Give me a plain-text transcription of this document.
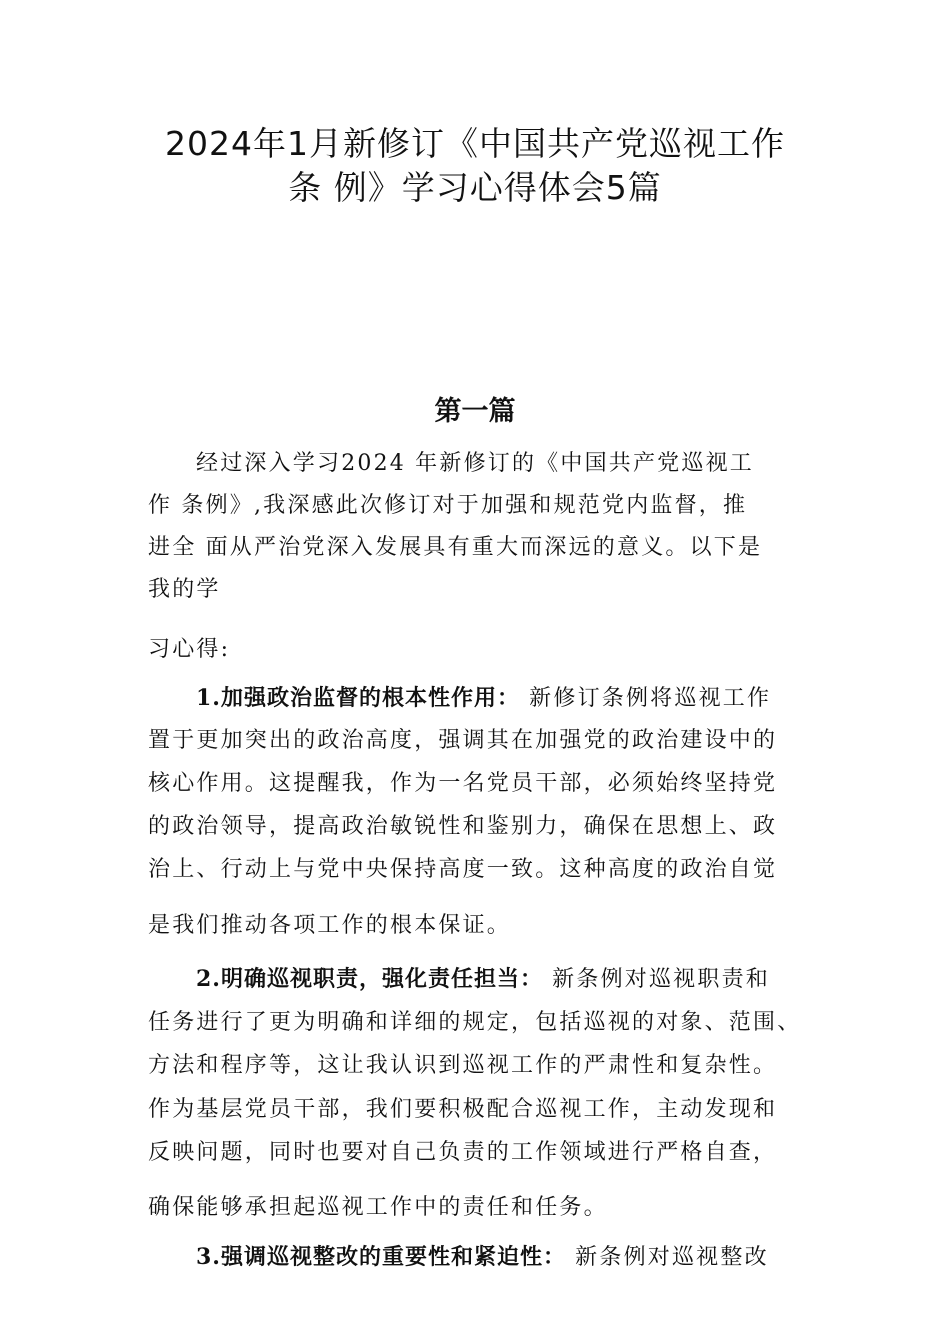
2024年1月新修订《中国共产党巡视工作
条 例》学习心得体会5篇
第一篇
经过深入学习2024 年新修订的《中国共产党巡视工
作 条例》,我深感此次修订对于加强和规范党内监督，推
进全 面从严治党深入发展具有重大而深远的意义。以下是
我的学
习心得:
1.加强政治监督的根本性作用： 新修订条例将巡视工作
置于更加突出的政治高度，强调其在加强党的政治建设中的
核心作用。这提醒我，作为一名党员干部，必须始终坚持党
的政治领导，提高政治敏锐性和鉴别力，确保在思想上、政
治上、行动上与党中央保持高度一致。这种高度的政治自觉
是我们推动各项工作的根本保证。
2.明确巡视职责，强化责任担当： 新条例对巡视职责和
任务进行了更为明确和详细的规定，包括巡视的对象、范围、
方法和程序等，这让我认识到巡视工作的严肃性和复杂性。
作为基层党员干部，我们要积极配合巡视工作，主动发现和
反映问题，同时也要对自己负责的工作领域进行严格自查，
确保能够承担起巡视工作中的责任和任务。
3.强调巡视整改的重要性和紧迫性： 新条例对巡视整改
